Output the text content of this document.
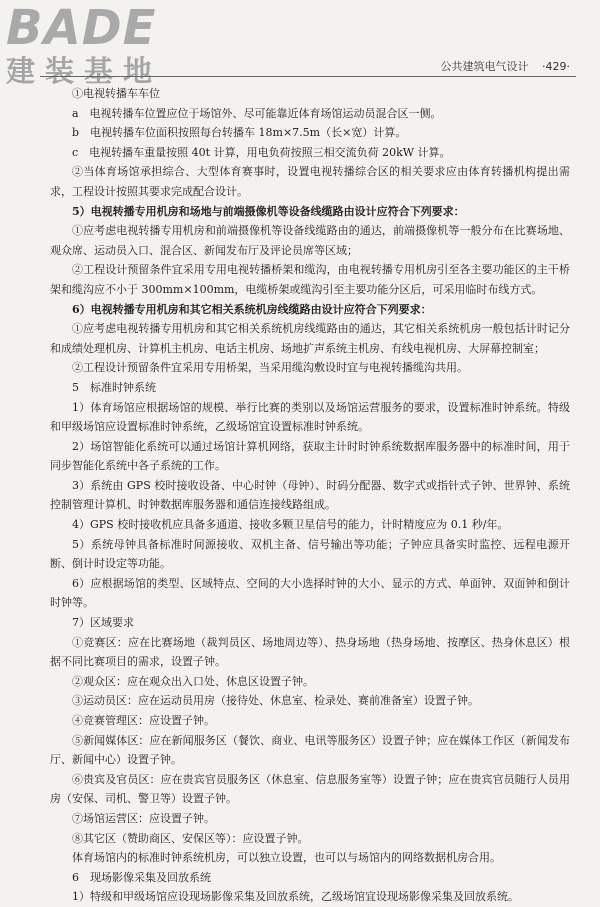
BADE
建装基地	公共建筑电气设计 ·429·

①电视转播车车位

a　电视转播车位置应位于场馆外、尽可能靠近体育场馆运动员混合区一侧。

b　电视转播车位面积按照每台转播车 18m×7.5m（长×宽）计算。

c　电视转播车重量按照 40t 计算，用电负荷按照三相交流负荷 20kW 计算。

②当体育场馆承担综合、大型体育赛事时，设置电视转播综合区的相关要求应由体育转播机构提出需求，工程设计按照其要求完成配合设计。

5）电视转播专用机房和场地与前端摄像机等设备线缆路由设计应符合下列要求：

①应考虑电视转播专用机房和前端摄像机等设备线缆路由的通达，前端摄像机等一般分布在比赛场地、观众席、运动员入口、混合区、新闻发布厅及评论员席等区域；

②工程设计预留条件宜采用专用电视转播桥架和缆沟，由电视转播专用机房引至各主要功能区的主干桥架和缆沟应不小于 300mm×100mm，电缆桥架或缆沟引至主要功能分区后，可采用临时布线方式。

6）电视转播专用机房和其它相关系统机房线缆路由设计应符合下列要求：

①应考虑电视转播专用机房和其它相关系统机房线缆路由的通达，其它相关系统机房一般包括计时记分和成绩处理机房、计算机主机房、电话主机房、场地扩声系统主机房、有线电视机房、大屏幕控制室；

②工程设计预留条件宜采用专用桥架，当采用缆沟敷设时宜与电视转播缆沟共用。

5　标准时钟系统

1）体育场馆应根据场馆的规模、举行比赛的类别以及场馆运营服务的要求，设置标准时钟系统。特级和甲级场馆应设置标准时钟系统，乙级场馆宜设置标准时钟系统。

2）场馆智能化系统可以通过场馆计算机网络，获取主计时时钟系统数据库服务器中的标准时间，用于同步智能化系统中各子系统的工作。

3）系统由 GPS 校时接收设备、中心时钟（母钟）、时码分配器、数字式或指针式子钟、世界钟、系统控制管理计算机、时钟数据库服务器和通信连接线路组成。

4）GPS 校时接收机应具备多通道、接收多颗卫星信号的能力，计时精度应为 0.1 秒/年。

5）系统母钟具备标准时间源接收、双机主备、信号输出等功能；子钟应具备实时监控、远程电源开断、倒计时设定等功能。

6）应根据场馆的类型、区域特点、空间的大小选择时钟的大小、显示的方式、单面钟、双面钟和倒计时钟等。

7）区域要求

①竞赛区：应在比赛场地（裁判员区、场地周边等）、热身场地（热身场地、按摩区、热身休息区）根据不同比赛项目的需求，设置子钟。

②观众区：应在观众出入口处、休息区设置子钟。

③运动员区：应在运动员用房（接待处、休息室、检录处、赛前准备室）设置子钟。

④竞赛管理区：应设置子钟。

⑤新闻媒体区：应在新闻服务区（餐饮、商业、电讯等服务区）设置子钟；应在媒体工作区（新闻发布厅、新闻中心）设置子钟。

⑥贵宾及官员区：应在贵宾官员服务区（休息室、信息服务室等）设置子钟；应在贵宾官员随行人员用房（安保、司机、警卫等）设置子钟。

⑦场馆运营区：应设置子钟。

⑧其它区（赞助商区、安保区等）：应设置子钟。

体育场馆内的标准时钟系统机房，可以独立设置，也可以与场馆内的网络数据机房合用。

6　现场影像采集及回放系统

1）特级和甲级场馆应设现场影像采集及回放系统，乙级场馆宜设现场影像采集及回放系统。
